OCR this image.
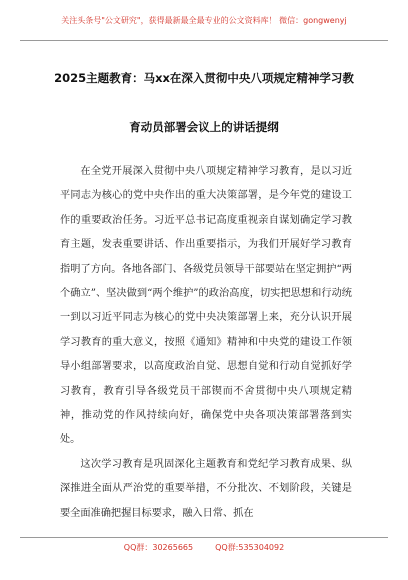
关注头条号"公文研究"，获得最新最全最专业的公文资料库！ 微信：gongwenyj
2025主题教育：马xx在深入贯彻中央八项规定精神学习教
育动员部署会议上的讲话提纲

在全党开展深入贯彻中央八项规定精神学习教育，是以习近平同志为核心的党中央作出的重大决策部署，是今年党的建设工作的重要政治任务。习近平总书记高度重视亲自谋划确定学习教育主题，发表重要讲话、作出重要指示，为我们开展好学习教育指明了方向。各地各部门、各级党员领导干部要站在坚定拥护“两个确立”、坚决做到“两个维护”的政治高度，切实把思想和行动统一到以习近平同志为核心的党中央决策部署上来，充分认识开展学习教育的重大意义，按照《通知》精神和中央党的建设工作领导小组部署要求，以高度政治自觉、思想自觉和行动自觉抓好学习教育，教育引导各级党员干部锲而不舍贯彻中央八项规定精神，推动党的作风持续向好，确保党中央各项决策部署落到实处。

这次学习教育是巩固深化主题教育和党纪学习教育成果、纵深推进全面从严治党的重要举措，不分批次、不划阶段，关键是要全面准确把握目标要求，融入日常、抓在

QQ群：30265665	QQ群:535304092
